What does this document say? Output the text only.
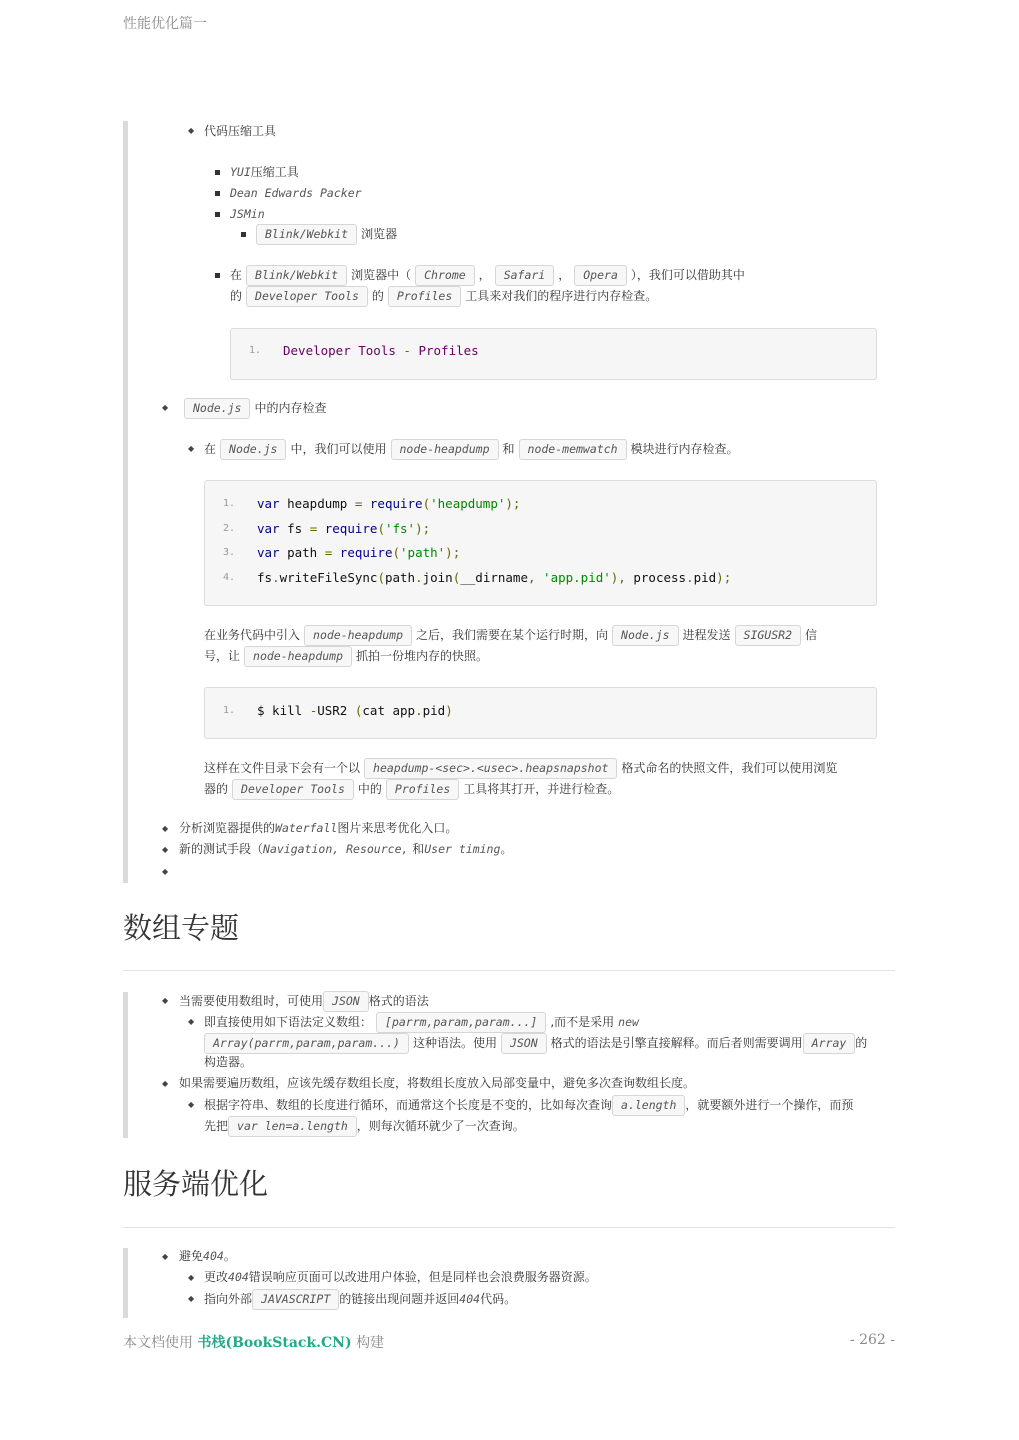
性能优化篇一
◆ 代码压缩工具
YUI压缩工具
Dean Edwards Packer
JSMin
Blink/Webkit 浏览器
在 Blink/Webkit 浏览器中（ Chrome ， Safari ， Opera ），我们可以借助其中
的 Developer Tools 的 Profiles 工具来对我们的程序进行内存检查。
1. Developer Tools - Profiles
◆	Node.js 中的内存检查
◆ 在 Node.js 中，我们可以使用 node-heapdump 和 node-memwatch 模块进行内存检查。
1. var heapdump = require('heapdump');
2. var fs = require('fs');
3. var path = require('path');
4. fs.writeFileSync(path.join(__dirname, 'app.pid'), process.pid);
在业务代码中引入 node-heapdump 之后，我们需要在某个运行时期，向 Node.js 进程发送 SIGUSR2 信
号，让 node-heapdump 抓拍一份堆内存的快照。
1. $ kill -USR2 (cat app.pid)
这样在文件目录下会有一个以 heapdump-<sec>.<usec>.heapsnapshot 格式命名的快照文件，我们可以使用浏览
器的 Developer Tools 中的 Profiles 工具将其打开，并进行检查。
◆ 分析浏览器提供的Waterfall图片来思考优化入口。
◆ 新的测试手段（Navigation, Resource, 和User timing。
◆
数组专题
◆ 当需要使用数组时，可使用 JSON 格式的语法
◆ 即直接使用如下语法定义数组： [parrm,param,param...] ,而不是采用 new
Array(parrm,param,param...) 这种语法。使用 JSON 格式的语法是引擎直接解释。而后者则需要调用 Array 的
构造器。
◆ 如果需要遍历数组，应该先缓存数组长度，将数组长度放入局部变量中，避免多次查询数组长度。
◆ 根据字符串、数组的长度进行循环，而通常这个长度是不变的，比如每次查询 a.length ，就要额外进行一个操作，而预
先把 var len=a.length ，则每次循环就少了一次查询。
服务端优化
◆ 避免404。
◆ 更改404错误响应页面可以改进用户体验，但是同样也会浪费服务器资源。
◆ 指向外部 JAVASCRIPT 的链接出现问题并返回404代码。
本文档使用 书栈(BookStack.CN) 构建	- 262 -
